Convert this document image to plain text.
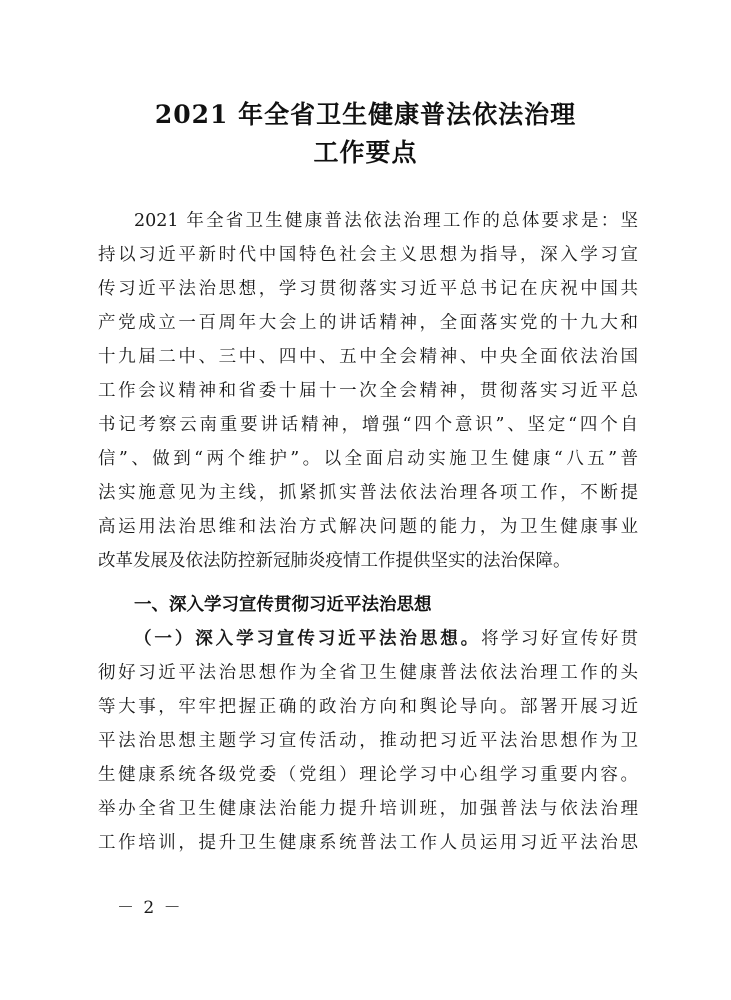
2021 年全省卫生健康普法依法治理
工作要点
2021 年全省卫生健康普法依法治理工作的总体要求是：坚
持以习近平新时代中国特色社会主义思想为指导，深入学习宣
传习近平法治思想，学习贯彻落实习近平总书记在庆祝中国共
产党成立一百周年大会上的讲话精神，全面落实党的十九大和
十九届二中、三中、四中、五中全会精神、中央全面依法治国
工作会议精神和省委十届十一次全会精神，贯彻落实习近平总
书记考察云南重要讲话精神，增强“四个意识”、坚定“四个自
信”、做到“两个维护”。以全面启动实施卫生健康“八五”普
法实施意见为主线，抓紧抓实普法依法治理各项工作，不断提
高运用法治思维和法治方式解决问题的能力，为卫生健康事业
改革发展及依法防控新冠肺炎疫情工作提供坚实的法治保障。
一、深入学习宣传贯彻习近平法治思想
（一）深入学习宣传习近平法治思想。将学习好宣传好贯
彻好习近平法治思想作为全省卫生健康普法依法治理工作的头
等大事，牢牢把握正确的政治方向和舆论导向。部署开展习近
平法治思想主题学习宣传活动，推动把习近平法治思想作为卫
生健康系统各级党委（党组）理论学习中心组学习重要内容。
举办全省卫生健康法治能力提升培训班，加强普法与依法治理
工作培训，提升卫生健康系统普法工作人员运用习近平法治思
－ 2 －
